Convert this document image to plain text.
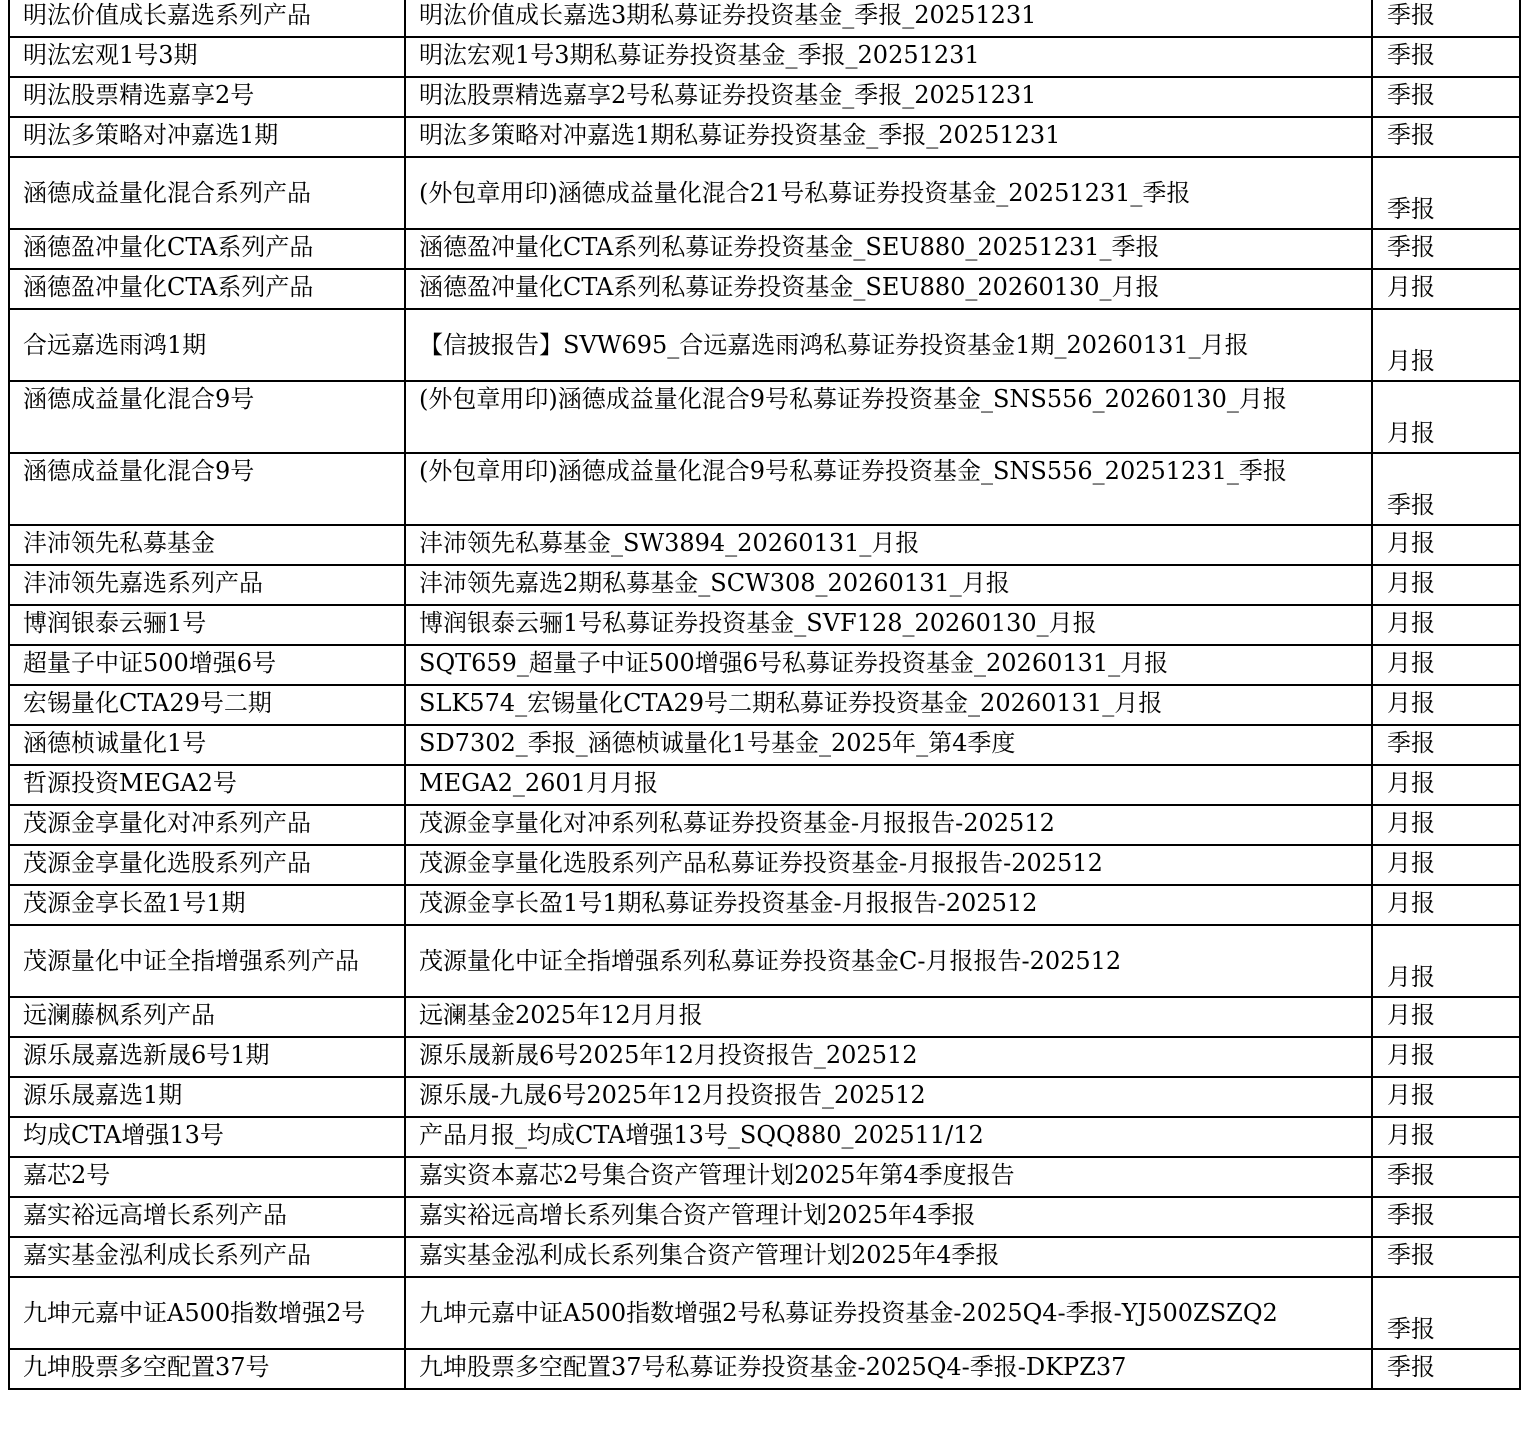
明汯价值成长嘉选系列产品	明汯价值成长嘉选3期私募证券投资基金_季报_20251231	季报
明汯宏观1号3期	明汯宏观1号3期私募证券投资基金_季报_20251231	季报
明汯股票精选嘉享2号	明汯股票精选嘉享2号私募证券投资基金_季报_20251231	季报
明汯多策略对冲嘉选1期	明汯多策略对冲嘉选1期私募证券投资基金_季报_20251231	季报
涵德成益量化混合系列产品	(外包章用印)涵德成益量化混合21号私募证券投资基金_20251231_季报	季报
涵德盈冲量化CTA系列产品	涵德盈冲量化CTA系列私募证券投资基金_SEU880_20251231_季报	季报
涵德盈冲量化CTA系列产品	涵德盈冲量化CTA系列私募证券投资基金_SEU880_20260130_月报	月报
合远嘉选雨鸿1期	【信披报告】SVW695_合远嘉选雨鸿私募证券投资基金1期_20260131_月报	月报
涵德成益量化混合9号	(外包章用印)涵德成益量化混合9号私募证券投资基金_SNS556_20260130_月报	月报
涵德成益量化混合9号	(外包章用印)涵德成益量化混合9号私募证券投资基金_SNS556_20251231_季报	季报
沣沛领先私募基金	沣沛领先私募基金_SW3894_20260131_月报	月报
沣沛领先嘉选系列产品	沣沛领先嘉选2期私募基金_SCW308_20260131_月报	月报
博润银泰云骊1号	博润银泰云骊1号私募证券投资基金_SVF128_20260130_月报	月报
超量子中证500增强6号	SQT659_超量子中证500增强6号私募证券投资基金_20260131_月报	月报
宏锡量化CTA29号二期	SLK574_宏锡量化CTA29号二期私募证券投资基金_20260131_月报	月报
涵德桢诚量化1号	SD7302_季报_涵德桢诚量化1号基金_2025年_第4季度	季报
哲源投资MEGA2号	MEGA2_2601月月报	月报
茂源金享量化对冲系列产品	茂源金享量化对冲系列私募证券投资基金-月报报告-202512	月报
茂源金享量化选股系列产品	茂源金享量化选股系列产品私募证券投资基金-月报报告-202512	月报
茂源金享长盈1号1期	茂源金享长盈1号1期私募证券投资基金-月报报告-202512	月报
茂源量化中证全指增强系列产品	茂源量化中证全指增强系列私募证券投资基金C-月报报告-202512	月报
远澜藤枫系列产品	远澜基金2025年12月月报	月报
源乐晟嘉选新晟6号1期	源乐晟新晟6号2025年12月投资报告_202512	月报
源乐晟嘉选1期	源乐晟-九晟6号2025年12月投资报告_202512	月报
均成CTA增强13号	产品月报_均成CTA增强13号_SQQ880_202511/12	月报
嘉芯2号	嘉实资本嘉芯2号集合资产管理计划2025年第4季度报告	季报
嘉实裕远高增长系列产品	嘉实裕远高增长系列集合资产管理计划2025年4季报	季报
嘉实基金泓利成长系列产品	嘉实基金泓利成长系列集合资产管理计划2025年4季报	季报
九坤元嘉中证A500指数增强2号	九坤元嘉中证A500指数增强2号私募证券投资基金-2025Q4-季报-YJ500ZSZQ2	季报
九坤股票多空配置37号	九坤股票多空配置37号私募证券投资基金-2025Q4-季报-DKPZ37	季报
